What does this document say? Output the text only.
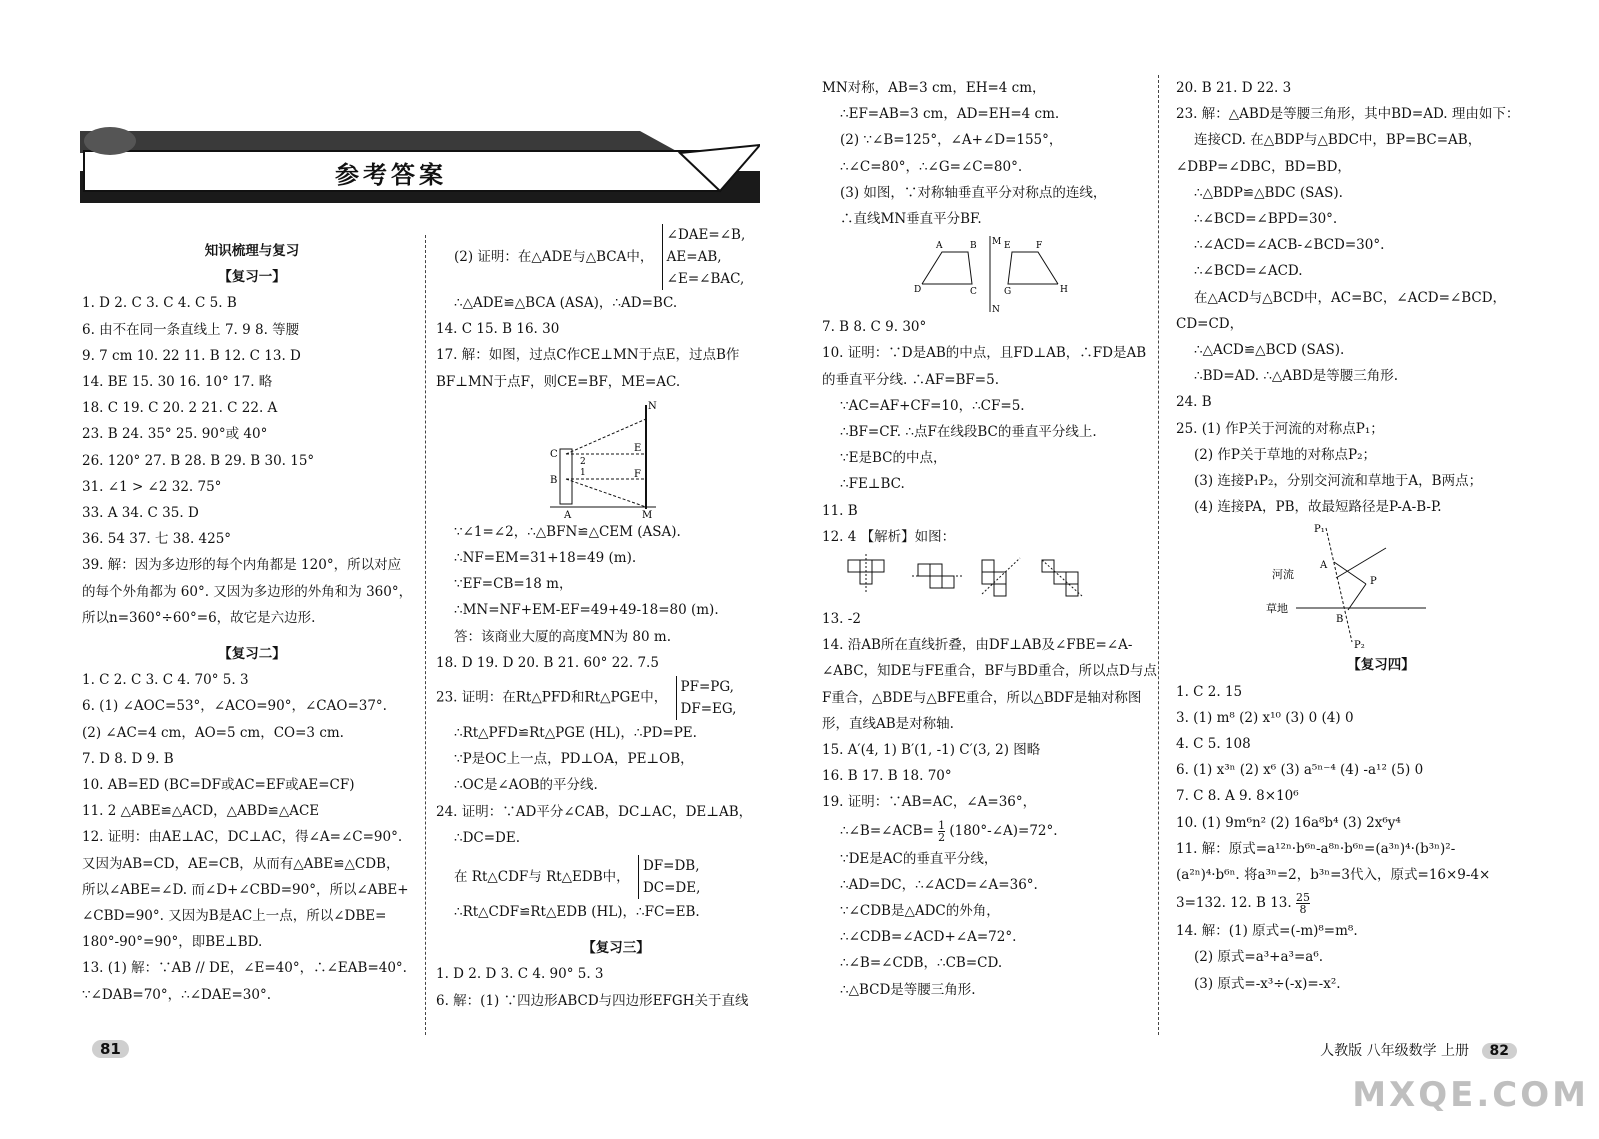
参考答案

知识梳理与复习

【复习一】

1. D 2. C 3. C 4. C 5. B

6. 由不在同一条直线上 7. 9 8. 等腰

9. 7 cm 10. 22 11. B 12. C 13. D

14. BE 15. 30 16. 10° 17. 略

18. C 19. C 20. 2 21. C 22. A

23. B 24. 35° 25. 90°或 40°

26. 120° 27. B 28. B 29. B 30. 15°

31. ∠1 > ∠2 32. 75°

33. A 34. C 35. D

36. 54 37. 七 38. 425°

39. 解：因为多边形的每个内角都是 120°，所以对应

的每个外角都为 60°. 又因为多边形的外角和为 360°，

所以n=360°÷60°=6，故它是六边形.

【复习二】

1. C 2. C 3. C 4. 70° 5. 3

6. (1) ∠AOC=53°，∠ACO=90°，∠CAO=37°.

(2) ∠AC=4 cm，AO=5 cm，CO=3 cm.

7. D 8. D 9. B

10. AB=ED (BC=DF或AC=EF或AE=CF)

11. 2 △ABE≌△ACD，△ABD≌△ACE

12. 证明：由AE⊥AC，DC⊥AC，得∠A=∠C=90°.

又因为AB=CD，AE=CB，从而有△ABE≌△CDB，

所以∠ABE=∠D. 而∠D+∠CBD=90°，所以∠ABE+

∠CBD=90°. 又因为B是AC上一点，所以∠DBE=

180°-90°=90°，即BE⊥BD.

13. (1) 解：∵AB // DE，∠E=40°，∴∠EAB=40°.

∵∠DAB=70°，∴∠DAE=30°.

(2) 证明：在△ADE与△BCA中， ∠DAE=∠B,
AE=AB,
∠E=∠BAC,

∴△ADE≌△BCA (ASA)，∴AD=BC.

14. C 15. B 16. 30

17. 解：如图，过点C作CE⊥MN于点E，过点B作

BF⊥MN于点F，则CE=BF，ME=AC.

N
C
E
B
F
A	M
2
1

∵∠1=∠2，∴△BFN≌△CEM (ASA).

∴NF=EM=31+18=49 (m).

∵EF=CB=18 m，

∴MN=NF+EM-EF=49+49-18=80 (m).

答：该商业大厦的高度MN为 80 m.

18. D 19. D 20. B 21. 60° 22. 7.5

23. 证明：在Rt△PFD和Rt△PGE中， PF=PG,
DF=EG,

∴Rt△PFD≌Rt△PGE (HL)，∴PD=PE.

∵P是OC上一点，PD⊥OA，PE⊥OB，

∴OC是∠AOB的平分线.

24. 证明：∵AD平分∠CAB，DC⊥AC，DE⊥AB，

∴DC=DE.

在 Rt△CDF与 Rt△EDB中， DF=DB,
DC=DE,

∴Rt△CDF≌Rt△EDB (HL)，∴FC=EB.

【复习三】

1. D 2. D 3. C 4. 90° 5. 3

6. 解：(1) ∵四边形ABCD与四边形EFGH关于直线

MN对称，AB=3 cm，EH=4 cm，

∴EF=AB=3 cm，AD=EH=4 cm.

(2) ∵∠B=125°，∠A+∠D=155°，

∴∠C=80°，∴∠G=∠C=80°.

(3) 如图，∵对称轴垂直平分对称点的连线，

∴直线MN垂直平分BF.

M
A	B	E	F
D	C	G	H
N

7. B 8. C 9. 30°

10. 证明：∵D是AB的中点，且FD⊥AB，∴FD是AB

的垂直平分线. ∴AF=BF=5.

∵AC=AF+CF=10，∴CF=5.

∴BF=CF. ∴点F在线段BC的垂直平分线上.

∵E是BC的中点，

∴FE⊥BC.

11. B

12. 4 【解析】如图：

13. -2

14. 沿AB所在直线折叠，由DF⊥AB及∠FBE=∠A-

∠ABC，知DE与FE重合，BF与BD重合，所以点D与点

F重合，△BDE与△BFE重合，所以△BDF是轴对称图

形，直线AB是对称轴.

15. A′(4, 1) B′(1, -1) C′(3, 2) 图略

16. B 17. B 18. 70°

19. 证明：∵AB=AC，∠A=36°，

∴∠B=∠ACB= $\frac{1}{2}$ (180°-∠A)=72°.

∵DE是AC的垂直平分线，

∴AD=DC，∴∠ACD=∠A=36°.

∵∠CDB是△ADC的外角，

∴∠CDB=∠ACD+∠A=72°.

∴∠B=∠CDB，∴CB=CD.

∴△BCD是等腰三角形.

20. B 21. D 22. 3

23. 解：△ABD是等腰三角形，其中BD=AD. 理由如下：

连接CD. 在△BDP与△BDC中，BP=BC=AB，

∠DBP=∠DBC，BD=BD，

∴△BDP≌△BDC (SAS).

∴∠BCD=∠BPD=30°.

∴∠ACD=∠ACB-∠BCD=30°.

∴∠BCD=∠ACD.

在△ACD与△BCD中，AC=BC，∠ACD=∠BCD，

CD=CD，

∴△ACD≌△BCD (SAS).

∴BD=AD. ∴△ABD是等腰三角形.

24. B

25. (1) 作P关于河流的对称点P₁；

(2) 作P关于草地的对称点P₂；

(3) 连接P₁P₂，分别交河流和草地于A，B两点；

(4) 连接PA，PB，故最短路径是P-A-B-P.

P₁
A
P
B
P₂
河流
草地

【复习四】

1. C 2. 15

3. (1) m⁸ (2) x¹⁰ (3) 0 (4) 0

4. C 5. 108

6. (1) x³ⁿ (2) x⁶ (3) a⁵ⁿ⁻⁴ (4) -a¹² (5) 0

7. C 8. A 9. 8×10⁶

10. (1) 9m⁶n² (2) 16a⁸b⁴ (3) 2x⁶y⁴

11. 解：原式=a¹²ⁿ·b⁶ⁿ-a⁸ⁿ·b⁶ⁿ=(a³ⁿ)⁴·(b³ⁿ)²-

(a²ⁿ)⁴·b⁶ⁿ. 将a³ⁿ=2，b³ⁿ=3代入，原式=16×9-4×

3=132. 12. B 13. $\frac{25}{8}$

14. 解：(1) 原式=(-m)⁸=m⁸.

(2) 原式=a³+a³=a⁶.

(3) 原式=-x³÷(-x)=-x².

81	人教版 八年级数学 上册 82
MXQE.COM
